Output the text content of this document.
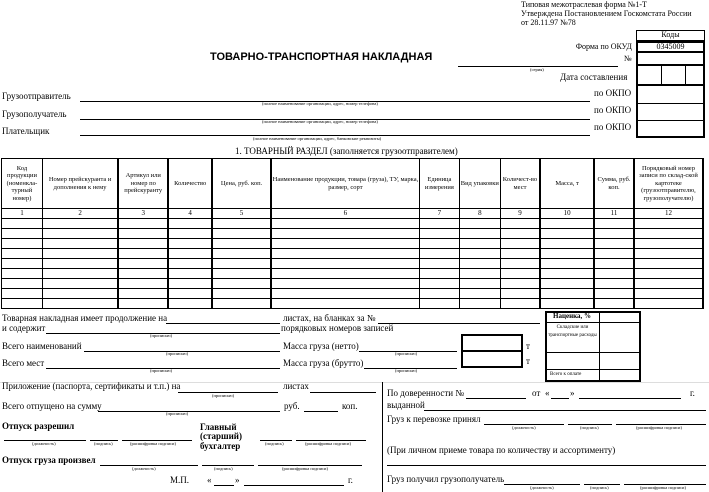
Типовая межотраслевая форма №1-Т
Утверждена Постановлением Госкомстата России
от 28.11.97 №78
Коды
Форма по ОКУД	0345009
№
Дата составления
по ОКПО
по ОКПО
по ОКПО
ТОВАРНО-ТРАНСПОРТНАЯ НАКЛАДНАЯ
(серия)
Грузоотправитель
(полное наименование организации, адрес, номер телефона)
Грузополучатель
(полное наименование организации, адрес, номер телефона)
Плательщик
(полное наименование организации, адрес, банковские реквизиты)
1. ТОВАРНЫЙ РАЗДЕЛ (заполняется грузоотправителем)
Код продукции (номенкла-турный номер)	Номер прейскуранта и дополнения к нему	Артикул или номер по прейскуранту	Количество	Цена, руб. коп.	Наименование продукции, товара (груза), ТУ, марка, размер, сорт	Единица измерения	Вид упаковки	Количест-во мест	Масса, т	Сумма, руб. коп.	Порядковый номер записи по склад-ской картотеке (грузоотправителю, грузополучателю)
1	2	3	4	5	6	7	8	9	10	11	12

Товарная накладная имеет продолжение на	листах, на бланках за №
и содержит
(прописью)
порядковых номеров записей
Всего наименований
(прописью)
Масса груза (нетто)
(прописью)
Всего мест
(прописью)
Масса груза (брутто)
(прописью)
т
т
Наценка, %
Складские или транспортные расходы
Всего к оплате
Приложение (паспорта, сертификаты и т.п.) на
(прописью)
листах
Всего отпущено на сумму
(прописью)
руб.	коп.
Отпуск разрешил
(должность)	(подпись)	(расшифровка подписи)
Главный (старший) бухгалтер	(подпись)	(расшифровка подписи)
Отпуск груза произвел
(должность)	(подпись)	(расшифровка подписи)
М.П. «	»	г.
По доверенности №	от « »	г.
выданной
Груз к перевозке принял
(должность)	(подпись)	(расшифровка подписи)
(При личном приеме товара по количеству и ассортименту)
Груз получил грузополучатель
(должность)	(подпись)	(расшифровка подписи)
